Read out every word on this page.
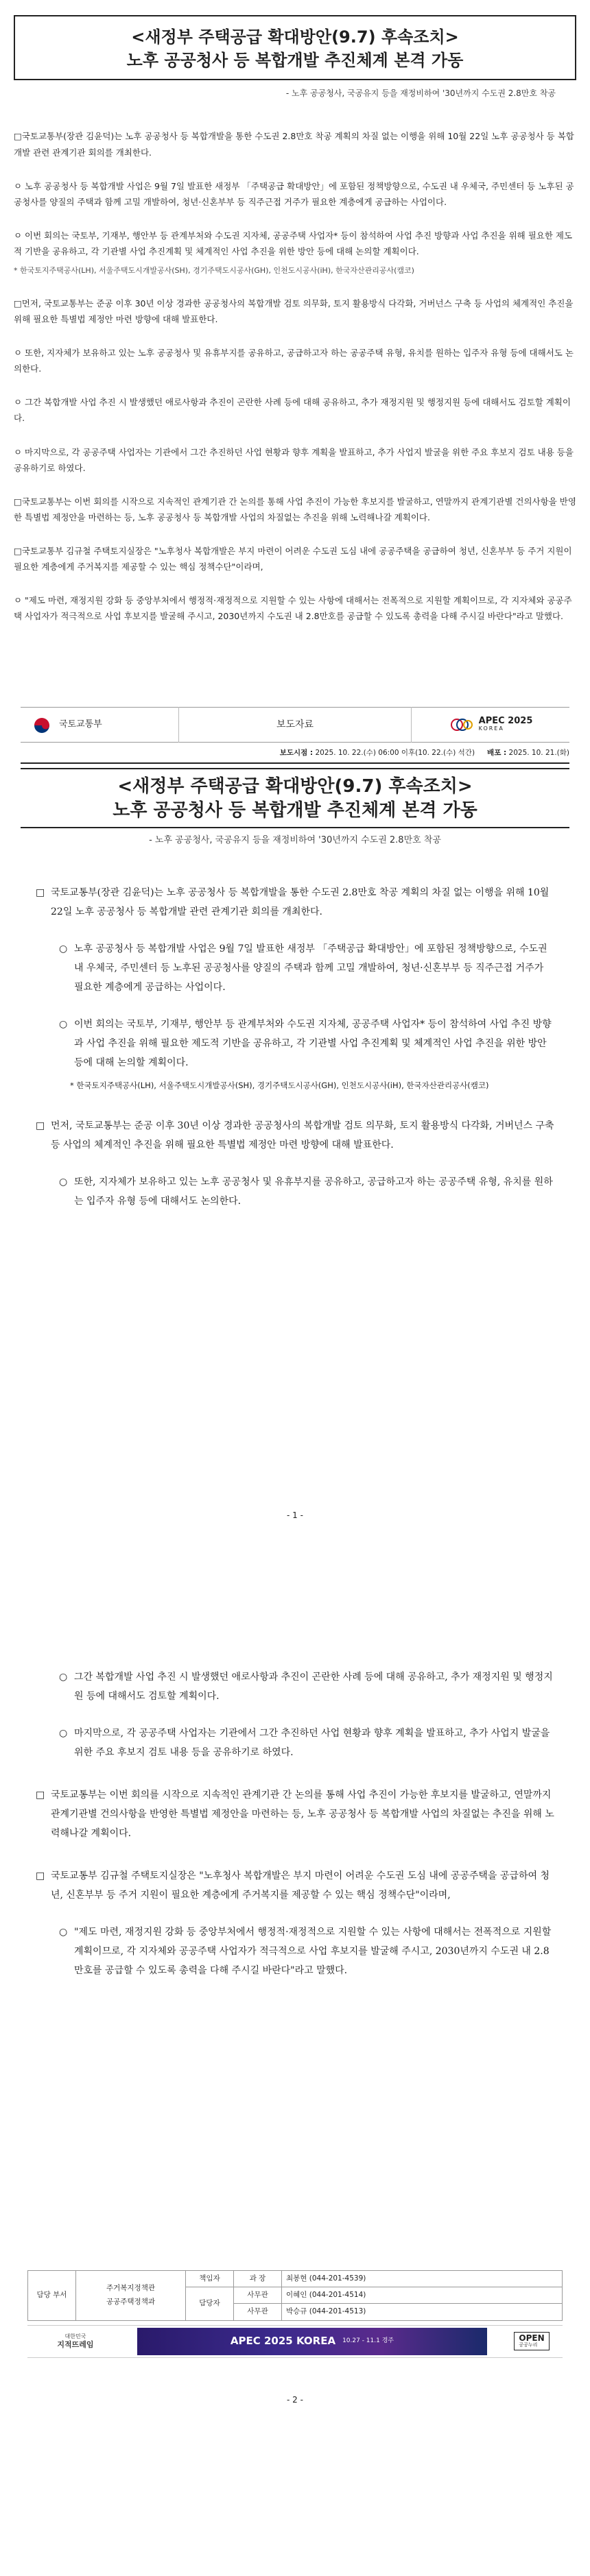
<새정부 주택공급 확대방안(9.7) 후속조치>
노후 공공청사 등 복합개발 추진체계 본격 가동
- 노후 공공청사, 국공유지 등을 재정비하여 '30년까지 수도권 2.8만호 착공

□국토교통부(장관 김윤덕)는 노후 공공청사 등 복합개발을 통한 수도권 2.8만호 착공 계획의 차질 없는 이행을 위해 10월 22일 노후 공공청사 등 복합개발 관련 관계기관 회의를 개최한다.

ㅇ 노후 공공청사 등 복합개발 사업은 9월 7일 발표한 새정부 「주택공급 확대방안」에 포함된 정책방향으로, 수도권 내 우체국, 주민센터 등 노후된 공공청사를 양질의 주택과 함께 고밀 개발하여, 청년·신혼부부 등 직주근접 거주가 필요한 계층에게 공급하는 사업이다.

ㅇ 이번 회의는 국토부, 기재부, 행안부 등 관계부처와 수도권 지자체, 공공주택 사업자* 등이 참석하여 사업 추진 방향과 사업 추진을 위해 필요한 제도적 기반을 공유하고, 각 기관별 사업 추진계획 및 체계적인 사업 추진을 위한 방안 등에 대해 논의할 계획이다.

* 한국토지주택공사(LH), 서울주택도시개발공사(SH), 경기주택도시공사(GH), 인천도시공사(iH), 한국자산관리공사(캠코)

□먼저, 국토교통부는 준공 이후 30년 이상 경과한 공공청사의 복합개발 검토 의무화, 토지 활용방식 다각화, 거버넌스 구축 등 사업의 체계적인 추진을 위해 필요한 특별법 제정안 마련 방향에 대해 발표한다.

ㅇ 또한, 지자체가 보유하고 있는 노후 공공청사 및 유휴부지를 공유하고, 공급하고자 하는 공공주택 유형, 유치를 원하는 입주자 유형 등에 대해서도 논의한다.

ㅇ 그간 복합개발 사업 추진 시 발생했던 애로사항과 추진이 곤란한 사례 등에 대해 공유하고, 추가 재정지원 및 행정지원 등에 대해서도 검토할 계획이다.

ㅇ 마지막으로, 각 공공주택 사업자는 기관에서 그간 추진하던 사업 현황과 향후 계획을 발표하고, 추가 사업지 발굴을 위한 주요 후보지 검토 내용 등을 공유하기로 하였다.

□국토교통부는 이번 회의를 시작으로 지속적인 관계기관 간 논의를 통해 사업 추진이 가능한 후보지를 발굴하고, 연말까지 관계기관별 건의사항을 반영한 특별법 제정안을 마련하는 등, 노후 공공청사 등 복합개발 사업의 차질없는 추진을 위해 노력해나갈 계획이다.

□국토교통부 김규철 주택토지실장은 "노후청사 복합개발은 부지 마련이 어려운 수도권 도심 내에 공공주택을 공급하여 청년, 신혼부부 등 주거 지원이 필요한 계층에게 주거복지를 제공할 수 있는 핵심 정책수단"이라며,

ㅇ "제도 마련, 재정지원 강화 등 중앙부처에서 행정적·재정적으로 지원할 수 있는 사항에 대해서는 전폭적으로 지원할 계획이므로, 각 지자체와 공공주택 사업자가 적극적으로 사업 후보지를 발굴해 주시고, 2030년까지 수도권 내 2.8만호를 공급할 수 있도록 총력을 다해 주시길 바란다"라고 말했다.

국토교통부	보도자료	APEC 2025
KOREA
보도시점 : 2025. 10. 22.(수) 06:00 이후(10. 22.(수) 석간) 배포 : 2025. 10. 21.(화)
<새정부 주택공급 확대방안(9.7) 후속조치>
노후 공공청사 등 복합개발 추진체계 본격 가동
- 노후 공공청사, 국공유지 등을 재정비하여 '30년까지 수도권 2.8만호 착공
□ 국토교통부(장관 김윤덕)는 노후 공공청사 등 복합개발을 통한 수도권 2.8만호 착공 계획의 차질 없는 이행을 위해 10월 22일 노후 공공청사 등 복합개발 관련 관계기관 회의를 개최한다.
○ 노후 공공청사 등 복합개발 사업은 9월 7일 발표한 새정부 「주택공급 확대방안」에 포함된 정책방향으로, 수도권 내 우체국, 주민센터 등 노후된 공공청사를 양질의 주택과 함께 고밀 개발하여, 청년·신혼부부 등 직주근접 거주가 필요한 계층에게 공급하는 사업이다.
○ 이번 회의는 국토부, 기재부, 행안부 등 관계부처와 수도권 지자체, 공공주택 사업자* 등이 참석하여 사업 추진 방향과 사업 추진을 위해 필요한 제도적 기반을 공유하고, 각 기관별 사업 추진계획 및 체계적인 사업 추진을 위한 방안 등에 대해 논의할 계획이다.
* 한국토지주택공사(LH), 서울주택도시개발공사(SH), 경기주택도시공사(GH), 인천도시공사(iH), 한국자산관리공사(캠코)
□ 먼저, 국토교통부는 준공 이후 30년 이상 경과한 공공청사의 복합개발 검토 의무화, 토지 활용방식 다각화, 거버넌스 구축 등 사업의 체계적인 추진을 위해 필요한 특별법 제정안 마련 방향에 대해 발표한다.
○ 또한, 지자체가 보유하고 있는 노후 공공청사 및 유휴부지를 공유하고, 공급하고자 하는 공공주택 유형, 유치를 원하는 입주자 유형 등에 대해서도 논의한다.
- 1 -
○ 그간 복합개발 사업 추진 시 발생했던 애로사항과 추진이 곤란한 사례 등에 대해 공유하고, 추가 재정지원 및 행정지원 등에 대해서도 검토할 계획이다.
○ 마지막으로, 각 공공주택 사업자는 기관에서 그간 추진하던 사업 현황과 향후 계획을 발표하고, 추가 사업지 발굴을 위한 주요 후보지 검토 내용 등을 공유하기로 하였다.
□ 국토교통부는 이번 회의를 시작으로 지속적인 관계기관 간 논의를 통해 사업 추진이 가능한 후보지를 발굴하고, 연말까지 관계기관별 건의사항을 반영한 특별법 제정안을 마련하는 등, 노후 공공청사 등 복합개발 사업의 차질없는 추진을 위해 노력해나갈 계획이다.
□ 국토교통부 김규철 주택토지실장은 "노후청사 복합개발은 부지 마련이 어려운 수도권 도심 내에 공공주택을 공급하여 청년, 신혼부부 등 주거 지원이 필요한 계층에게 주거복지를 제공할 수 있는 핵심 정책수단"이라며,
○ "제도 마련, 재정지원 강화 등 중앙부처에서 행정적·재정적으로 지원할 수 있는 사항에 대해서는 전폭적으로 지원할 계획이므로, 각 지자체와 공공주택 사업자가 적극적으로 사업 후보지를 발굴해 주시고, 2030년까지 수도권 내 2.8만호를 공급할 수 있도록 총력을 다해 주시길 바란다"라고 말했다.
담당 부서	주거복지정책관
공공주택정책과	책임자	과 장	최봉현 (044-201-4539)
		담당자	사무관	이혜인 (044-201-4514)
			사무관	박승규 (044-201-4513)
대한민국
지적뜨레임	APEC 2025 KOREA 10.27 - 11.1 경주	OPEN
공공누리
- 2 -
